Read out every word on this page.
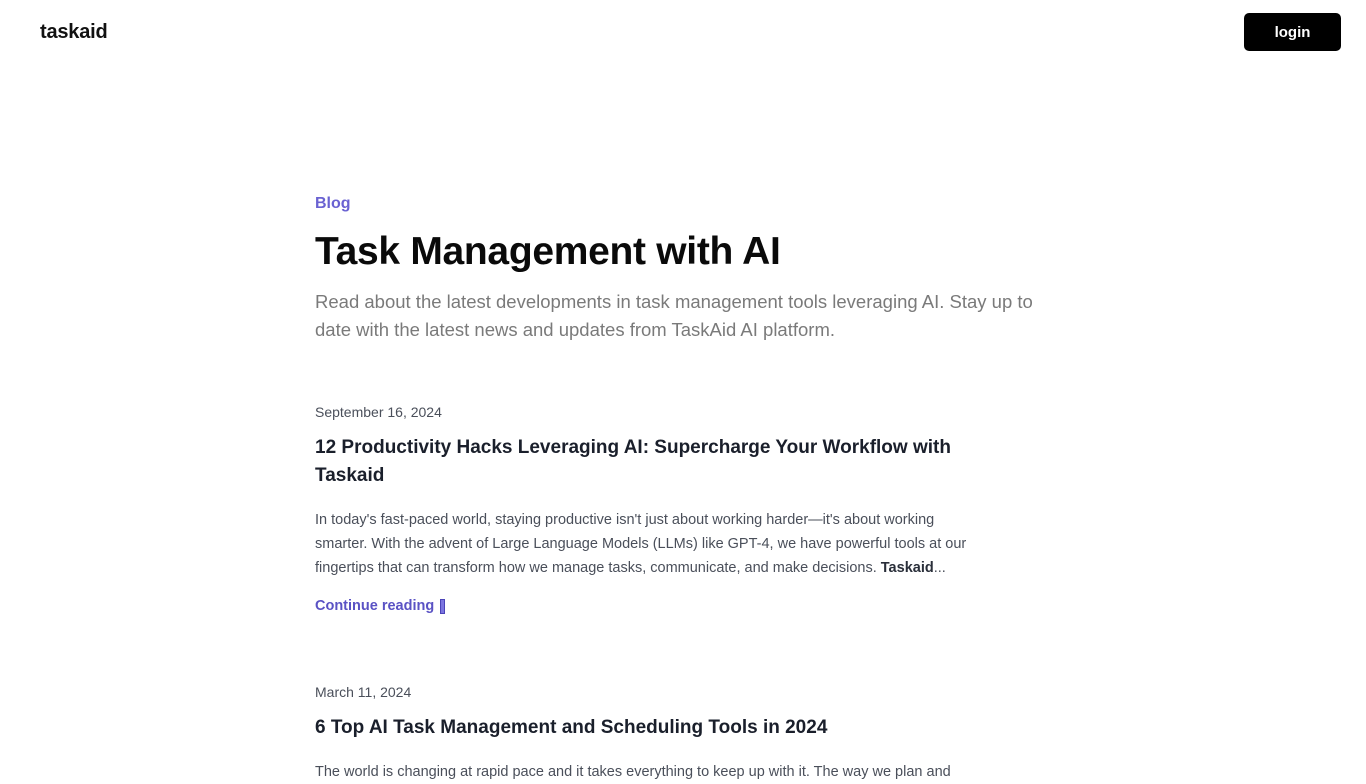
taskaid	login
Blog
Task Management with AI

Read about the latest developments in task management tools leveraging AI. Stay up to date with the latest news and updates from TaskAid AI platform.

September 16, 2024

12 Productivity Hacks Leveraging AI: Supercharge Your Workflow with Taskaid

In today's fast-paced world, staying productive isn't just about working harder—it's about working smarter. With the advent of Large Language Models (LLMs) like GPT-4, we have powerful tools at our fingertips that can transform how we manage tasks, communicate, and make decisions. Taskaid...

Continue reading

March 11, 2024

6 Top AI Task Management and Scheduling Tools in 2024

The world is changing at rapid pace and it takes everything to keep up with it. The way we plan and
